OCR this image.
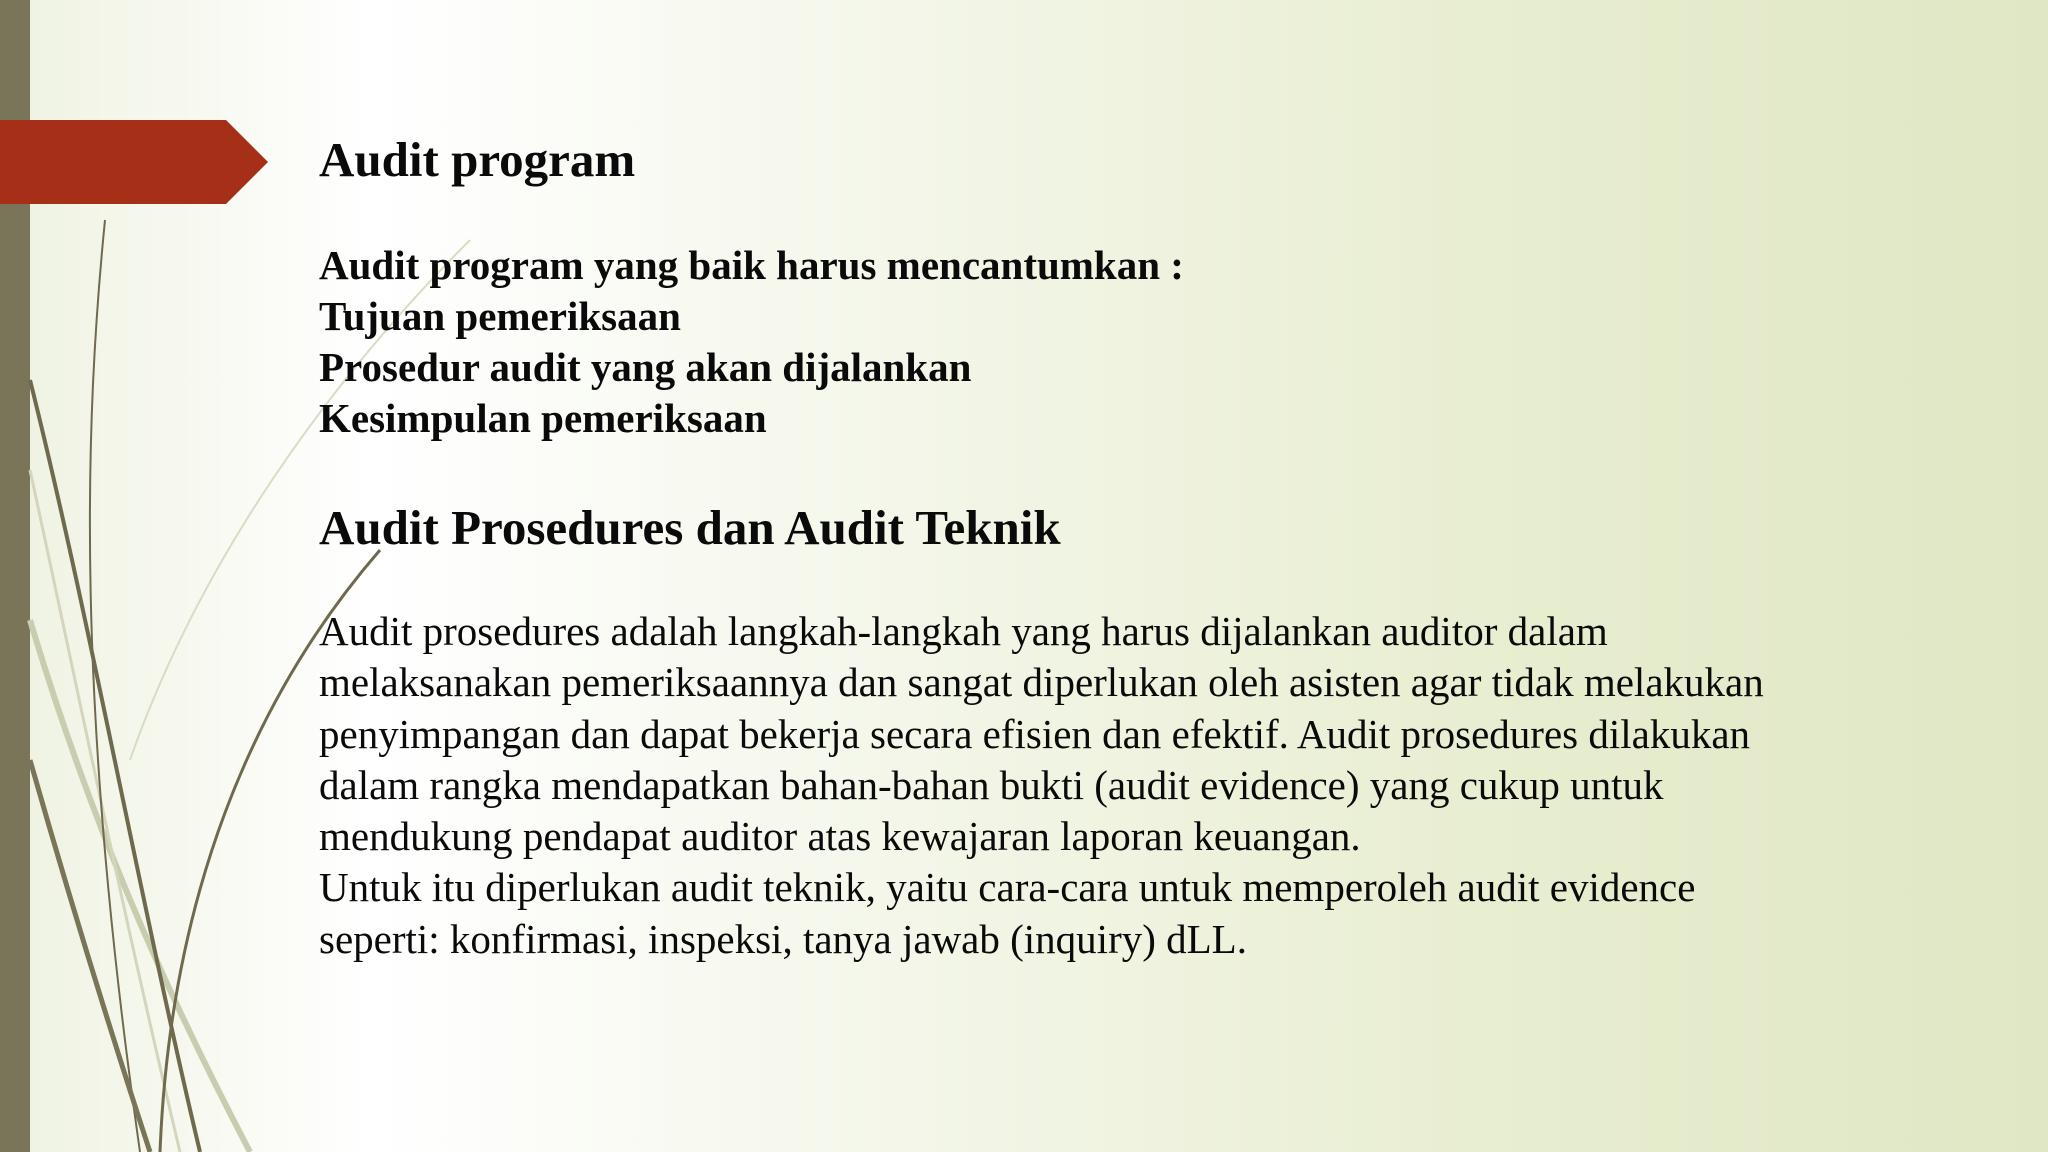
Audit program
Audit program yang baik harus mencantumkan :
Tujuan pemeriksaan
Prosedur audit yang akan dijalankan
Kesimpulan pemeriksaan
Audit Prosedures dan Audit Teknik

Audit prosedures adalah langkah-langkah yang harus dijalankan auditor dalam melaksanakan pemeriksaannya dan sangat diperlukan oleh asisten agar tidak melakukan penyimpangan dan dapat bekerja secara efisien dan efektif. Audit prosedures dilakukan dalam rangka mendapatkan bahan-bahan bukti (audit evidence) yang cukup untuk mendukung pendapat auditor atas kewajaran laporan keuangan.

Untuk itu diperlukan audit teknik, yaitu cara-cara untuk memperoleh audit evidence seperti: konfirmasi, inspeksi, tanya jawab (inquiry) dLL.
